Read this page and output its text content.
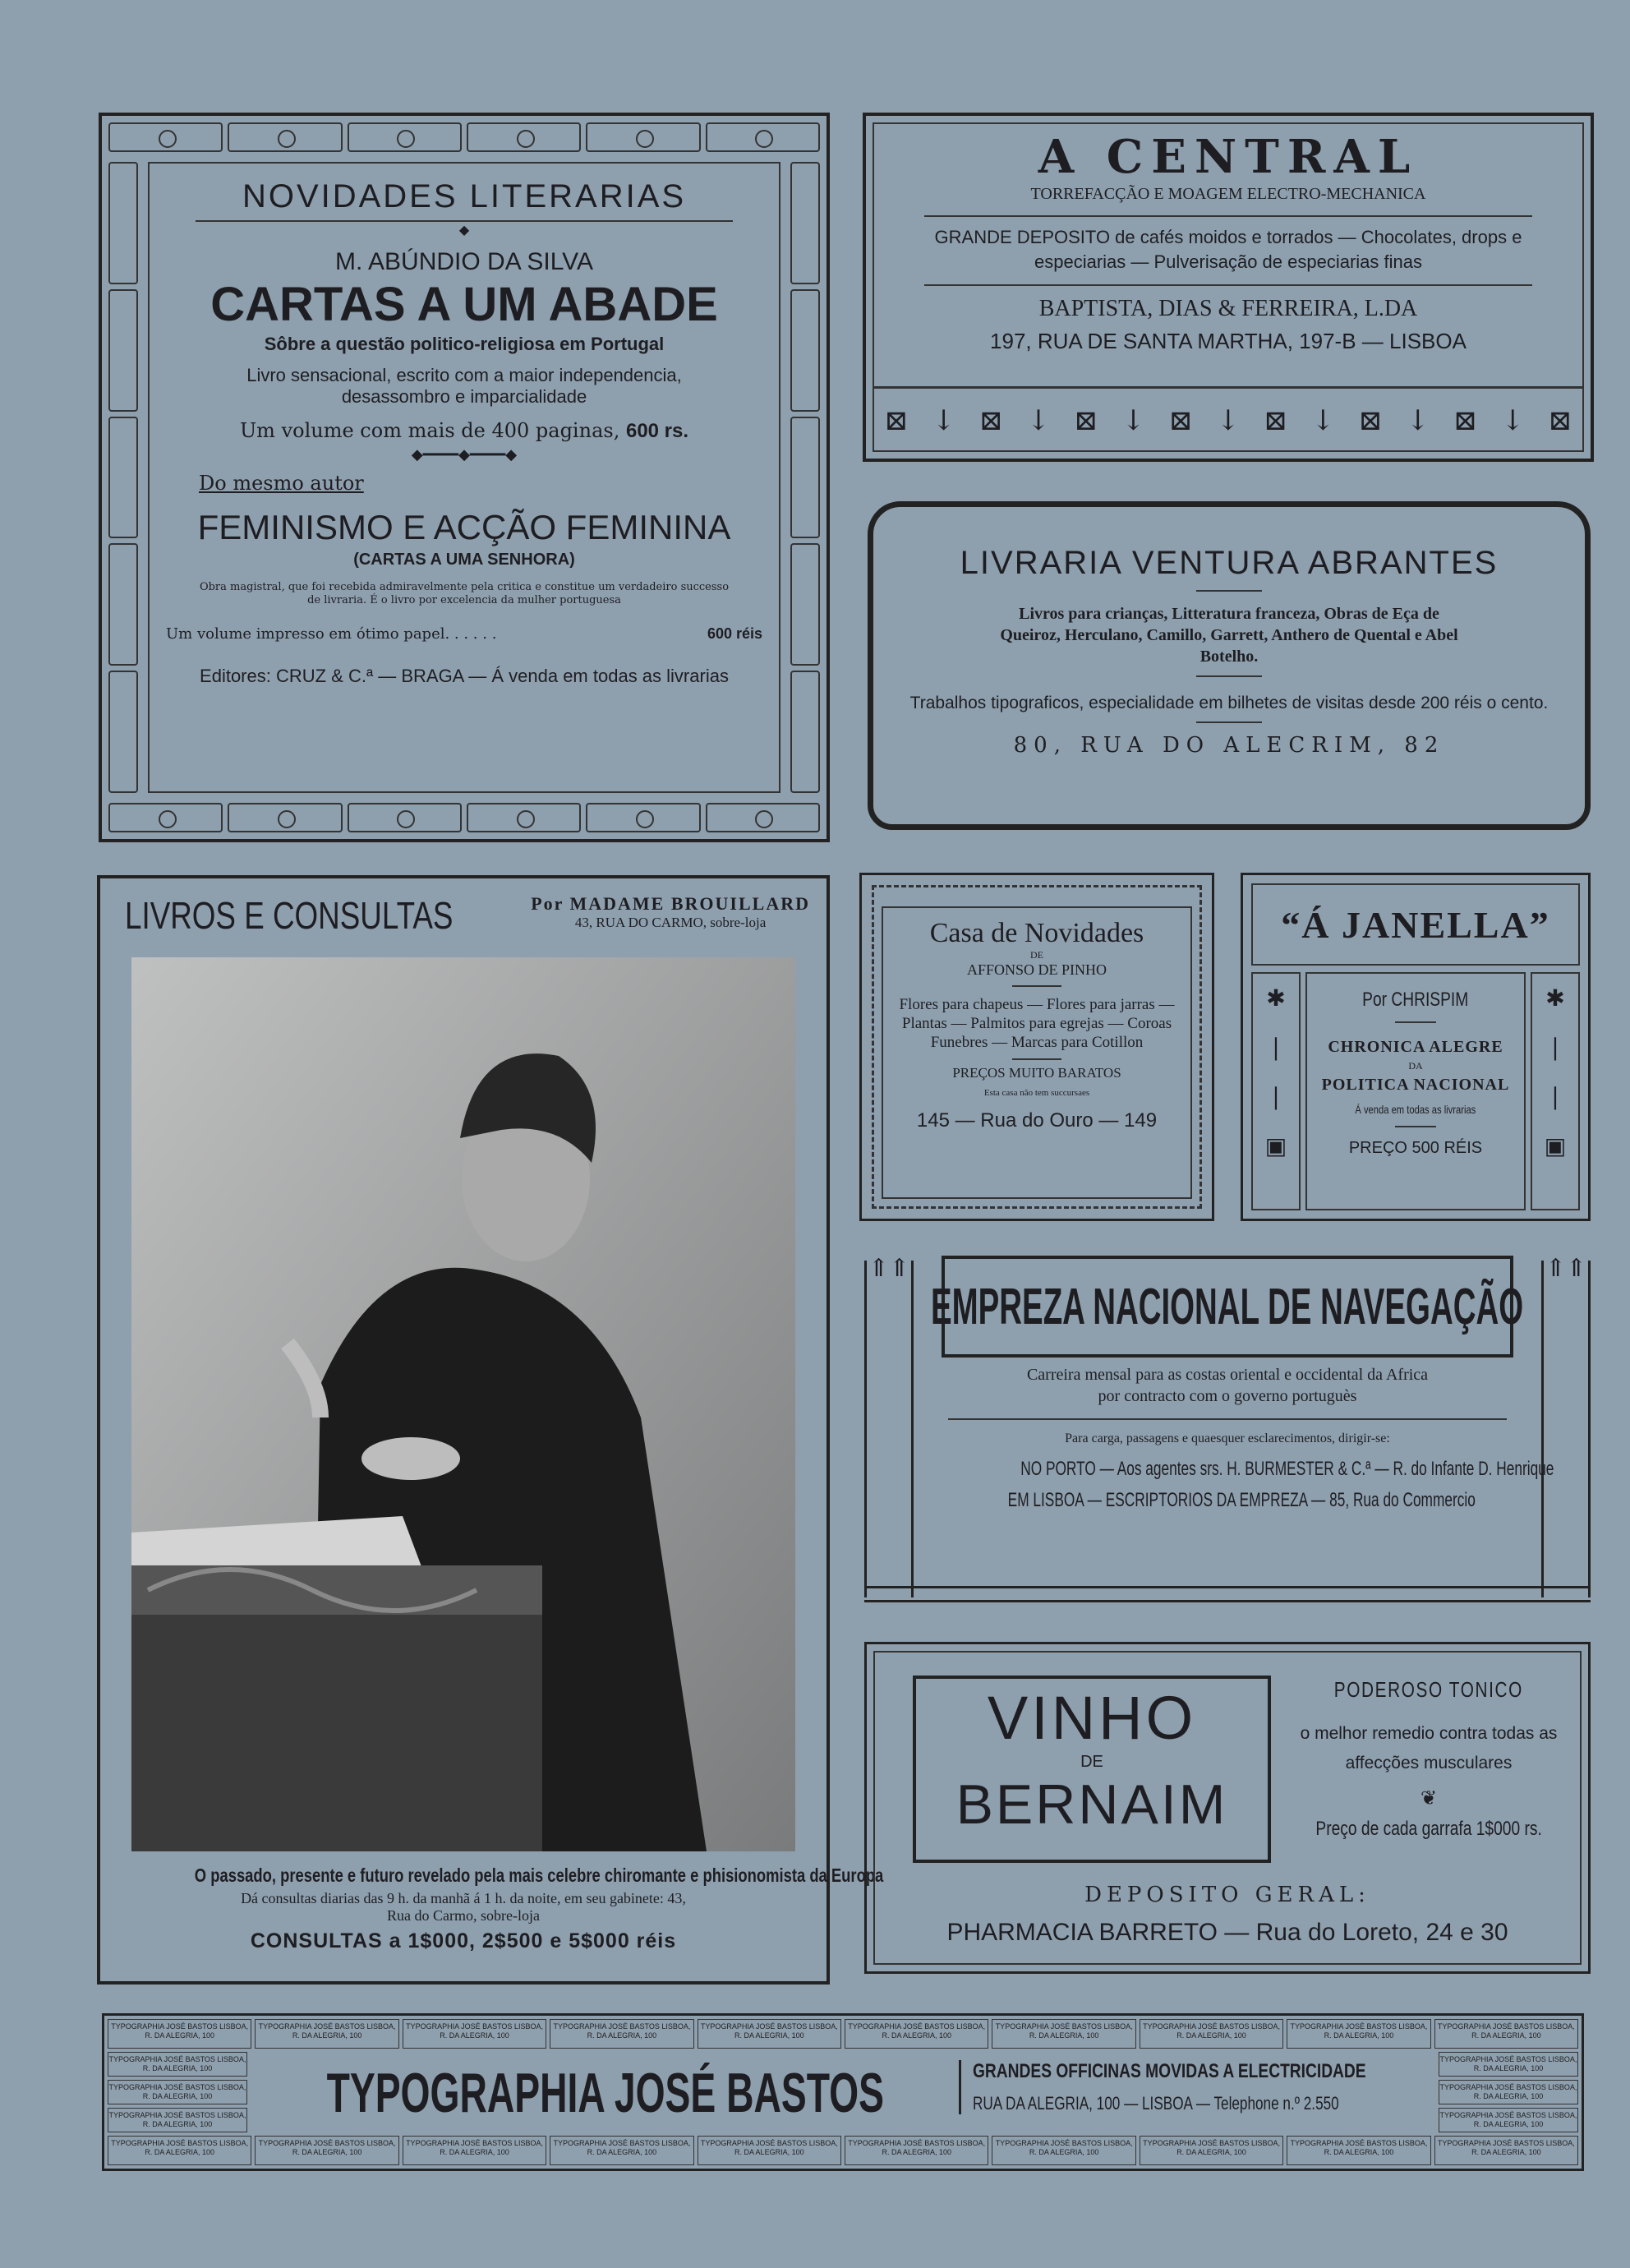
NOVIDADES LITERARIAS
◆
M. ABÚNDIO DA SILVA
CARTAS A UM ABADE
Sôbre a questão politico-religiosa em Portugal
Livro sensacional, escrito com a maior independencia, desassombro e imparcialidade
Um volume com mais de 400 paginas, 600 rs.
◆━━━━◆━━━━◆
Do mesmo autor
FEMINISMO E ACÇÃO FEMININA
(CARTAS A UMA SENHORA)
Obra magistral, que foi recebida admiravelmente pela critica e constitue um verdadeiro successo de livraria. É o livro por excelencia da mulher portuguesa
Um volume impresso em ótimo papel. . . . . .	600 réis
Editores: CRUZ & C.ª — BRAGA — Á venda em todas as livrarias
A CENTRAL
TORREFACÇÃO E MOAGEM ELECTRO-MECHANICA
GRANDE DEPOSITO de cafés moidos e torrados — Chocolates, drops e especiarias — Pulverisação de especiarias finas
BAPTISTA, DIAS & FERREIRA, L.DA
197, RUA DE SANTA MARTHA, 197-B — LISBOA
⊠ ↓ ⊠ ↓ ⊠ ↓ ⊠ ↓ ⊠ ↓ ⊠ ↓ ⊠ ↓ ⊠
LIVRARIA VENTURA ABRANTES
Livros para crianças, Litteratura franceza, Obras de Eça de Queiroz, Herculano, Camillo, Garrett, Anthero de Quental e Abel Botelho.
Trabalhos tipograficos, especialidade em bilhetes de visitas desde 200 réis o cento.
80, RUA DO ALECRIM, 82
LIVROS E CONSULTAS	Por MADAME BROUILLARD
43, RUA DO CARMO, sobre-loja
O passado, presente e futuro revelado pela mais celebre chiromante e phisionomista da Europa
Dá consultas diarias das 9 h. da manhã á 1 h. da noite, em seu gabinete: 43, Rua do Carmo, sobre-loja
CONSULTAS a 1$000, 2$500 e 5$000 réis
Casa de Novidades
DE
AFFONSO DE PINHO
Flores para chapeus — Flores para jarras — Plantas — Palmitos para egrejas — Coroas Funebres — Marcas para Cotillon
PREÇOS MUITO BARATOS
Esta casa não tem succursaes
145 — Rua do Ouro — 149
“Á JANELLA”
✱
|
|
▣
✱
|
|
▣
Por CHRISPIM
CHRONICA ALEGRE
DA
POLITICA NACIONAL
Á venda em todas as livrarias
PREÇO 500 RÉIS
⇑⇑	⇑⇑
EMPREZA NACIONAL DE NAVEGAÇÃO
Carreira mensal para as costas oriental e occidental da Africa
por contracto com o governo portuguès
Para carga, passagens e quaesquer esclarecimentos, dirigir-se:
NO PORTO — Aos agentes srs. H. BURMESTER & C.ª — R. do Infante D. Henrique
EM LISBOA — ESCRIPTORIOS DA EMPREZA — 85, Rua do Commercio
VINHO
DE
BERNAIM
PODEROSO TONICO
o melhor remedio contra todas as affecções musculares
❦
Preço de cada garrafa 1$000 rs.
DEPOSITO GERAL:
PHARMACIA BARRETO — Rua do Loreto, 24 e 30
TYPOGRAPHIA JOSÉ BASTOS LISBOA, R. DA ALEGRIA, 100
TYPOGRAPHIA JOSÉ BASTOS LISBOA, R. DA ALEGRIA, 100
TYPOGRAPHIA JOSÉ BASTOS LISBOA, R. DA ALEGRIA, 100
TYPOGRAPHIA JOSÉ BASTOS LISBOA, R. DA ALEGRIA, 100
TYPOGRAPHIA JOSÉ BASTOS LISBOA, R. DA ALEGRIA, 100
TYPOGRAPHIA JOSÉ BASTOS LISBOA, R. DA ALEGRIA, 100
TYPOGRAPHIA JOSÉ BASTOS LISBOA, R. DA ALEGRIA, 100
TYPOGRAPHIA JOSÉ BASTOS LISBOA, R. DA ALEGRIA, 100
TYPOGRAPHIA JOSÉ BASTOS LISBOA, R. DA ALEGRIA, 100
TYPOGRAPHIA JOSÉ BASTOS LISBOA, R. DA ALEGRIA, 100
TYPOGRAPHIA JOSÉ BASTOS LISBOA, R. DA ALEGRIA, 100
TYPOGRAPHIA JOSÉ BASTOS LISBOA, R. DA ALEGRIA, 100
TYPOGRAPHIA JOSÉ BASTOS LISBOA, R. DA ALEGRIA, 100
TYPOGRAPHIA JOSÉ BASTOS LISBOA, R. DA ALEGRIA, 100
TYPOGRAPHIA JOSÉ BASTOS LISBOA, R. DA ALEGRIA, 100
TYPOGRAPHIA JOSÉ BASTOS LISBOA, R. DA ALEGRIA, 100
TYPOGRAPHIA JOSÉ BASTOS LISBOA, R. DA ALEGRIA, 100
TYPOGRAPHIA JOSÉ BASTOS LISBOA, R. DA ALEGRIA, 100
TYPOGRAPHIA JOSÉ BASTOS LISBOA, R. DA ALEGRIA, 100
TYPOGRAPHIA JOSÉ BASTOS LISBOA, R. DA ALEGRIA, 100
TYPOGRAPHIA JOSÉ BASTOS LISBOA, R. DA ALEGRIA, 100
TYPOGRAPHIA JOSÉ BASTOS LISBOA, R. DA ALEGRIA, 100
TYPOGRAPHIA JOSÉ BASTOS LISBOA, R. DA ALEGRIA, 100
TYPOGRAPHIA JOSÉ BASTOS LISBOA, R. DA ALEGRIA, 100
TYPOGRAPHIA JOSÉ BASTOS LISBOA, R. DA ALEGRIA, 100
TYPOGRAPHIA JOSÉ BASTOS LISBOA, R. DA ALEGRIA, 100
TYPOGRAPHIA JOSÉ BASTOS	GRANDES OFFICINAS MOVIDAS A ELECTRICIDADE
RUA DA ALEGRIA, 100 — LISBOA — Telephone n.º 2.550
